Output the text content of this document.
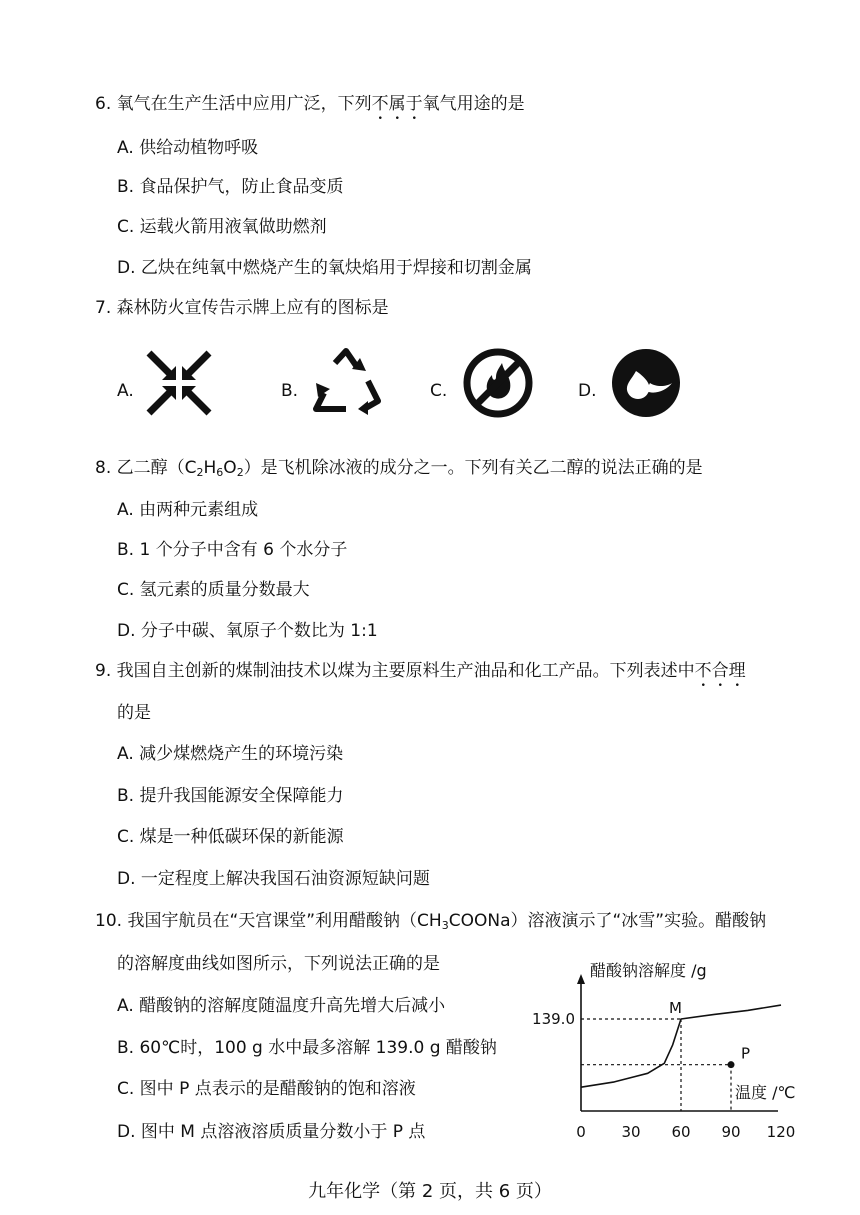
6. 氧气在生产生活中应用广泛，下列不属于氧气用途的是
A. 供给动植物呼吸
B. 食品保护气，防止食品变质
C. 运载火箭用液氧做助燃剂
D. 乙炔在纯氧中燃烧产生的氧炔焰用于焊接和切割金属
7. 森林防火宣传告示牌上应有的图标是
A.	B.	C.	D.
8. 乙二醇$(C_2H_6O_2)$是飞机除冰液的成分之一。下列有关乙二醇的说法正确的是
A. 由两种元素组成
B. 1 个分子中含有 6 个水分子
C. 氢元素的质量分数最大
D. 分子中碳、氧原子个数比为 1:1
9. 我国自主创新的煤制油技术以煤为主要原料生产油品和化工产品。下列表述中不合理
的是
A. 减少煤燃烧产生的环境污染
B. 提升我国能源安全保障能力
C. 煤是一种低碳环保的新能源
D. 一定程度上解决我国石油资源短缺问题
10. 我国宇航员在“天宫课堂”利用醋酸钠$(CH_3COONa)$溶液演示了“冰雪”实验。醋酸钠
的溶解度曲线如图所示，下列说法正确的是
A. 醋酸钠的溶解度随温度升高先增大后减小
B. 60℃时，100 g 水中最多溶解 139.0 g 醋酸钠
C. 图中 P 点表示的是醋酸钠的饱和溶液
D. 图中 M 点溶液溶质质量分数小于 P 点
醋酸钠溶解度 /g
温度 /℃
0 30 60 90 120
139.0
M
P
九年化学（第 2 页，共 6 页）
